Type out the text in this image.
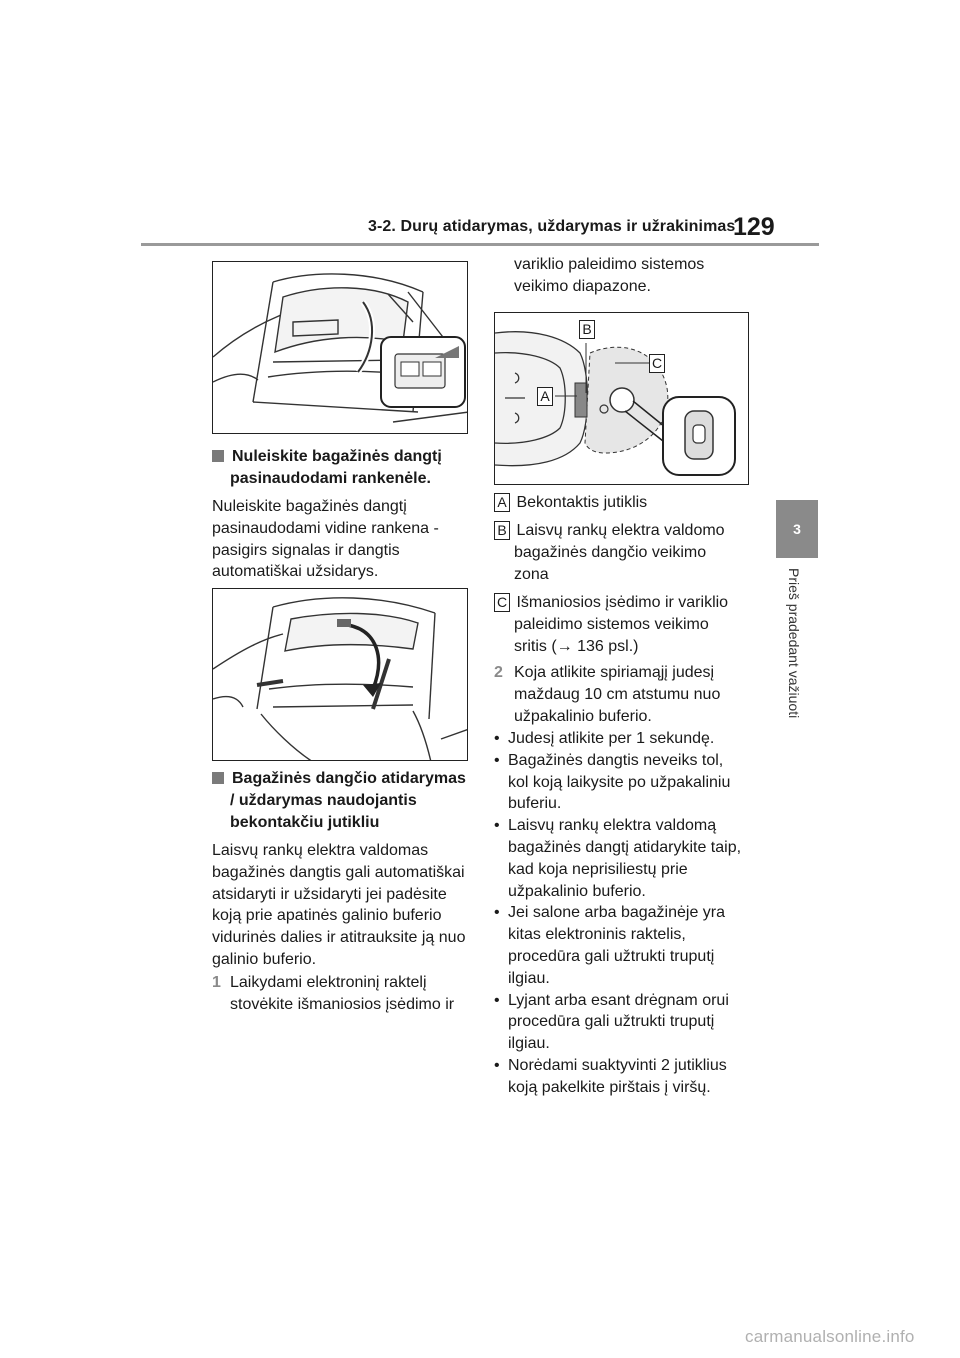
3-2. Durų atidarymas, uždarymas ir užrakinimas
129
3
Prieš pradedant važiuoti
Nuleiskite bagažinės dangtį
pasinaudodami rankenėle.
Nuleiskite bagažinės dangtį
pasinaudodami vidine rankena -
pasigirs signalas ir dangtis
automatiškai užsidarys.
Bagažinės dangčio atidarymas
/ uždarymas naudojantis
bekontakčiu jutikliu
Laisvų rankų elektra valdomas
bagažinės dangtis gali automatiškai
atsidaryti ir užsidaryti jei padėsite
koją prie apatinės galinio buferio
vidurinės dalies ir atitrauksite ją nuo
galinio buferio.
1 Laikydami elektroninį raktelį
stovėkite išmaniosios įsėdimo ir
variklio paleidimo sistemos
veikimo diapazone.
B
C
A
A Bekontaktis jutiklis
B Laisvų rankų elektra valdomo
bagažinės dangčio veikimo
zona
C Išmaniosios įsėdimo ir variklio
paleidimo sistemos veikimo
sritis (→ 136 psl.)
2 Koja atlikite spiriamąjį judesį
maždaug 10 cm atstumu nuo
užpakalinio buferio.
• Judesį atlikite per 1 sekundę.
• Bagažinės dangtis neveiks tol,
kol koją laikysite po užpakaliniu
buferiu.
• Laisvų rankų elektra valdomą
bagažinės dangtį atidarykite taip,
kad koja neprisiliestų prie
užpakalinio buferio.
• Jei salone arba bagažinėje yra
kitas elektroninis raktelis,
procedūra gali užtrukti truputį
ilgiau.
• Lyjant arba esant drėgnam orui
procedūra gali užtrukti truputį
ilgiau.
• Norėdami suaktyvinti 2 jutiklius
koją pakelkite pirštais į viršų.
carmanualsonline.info
